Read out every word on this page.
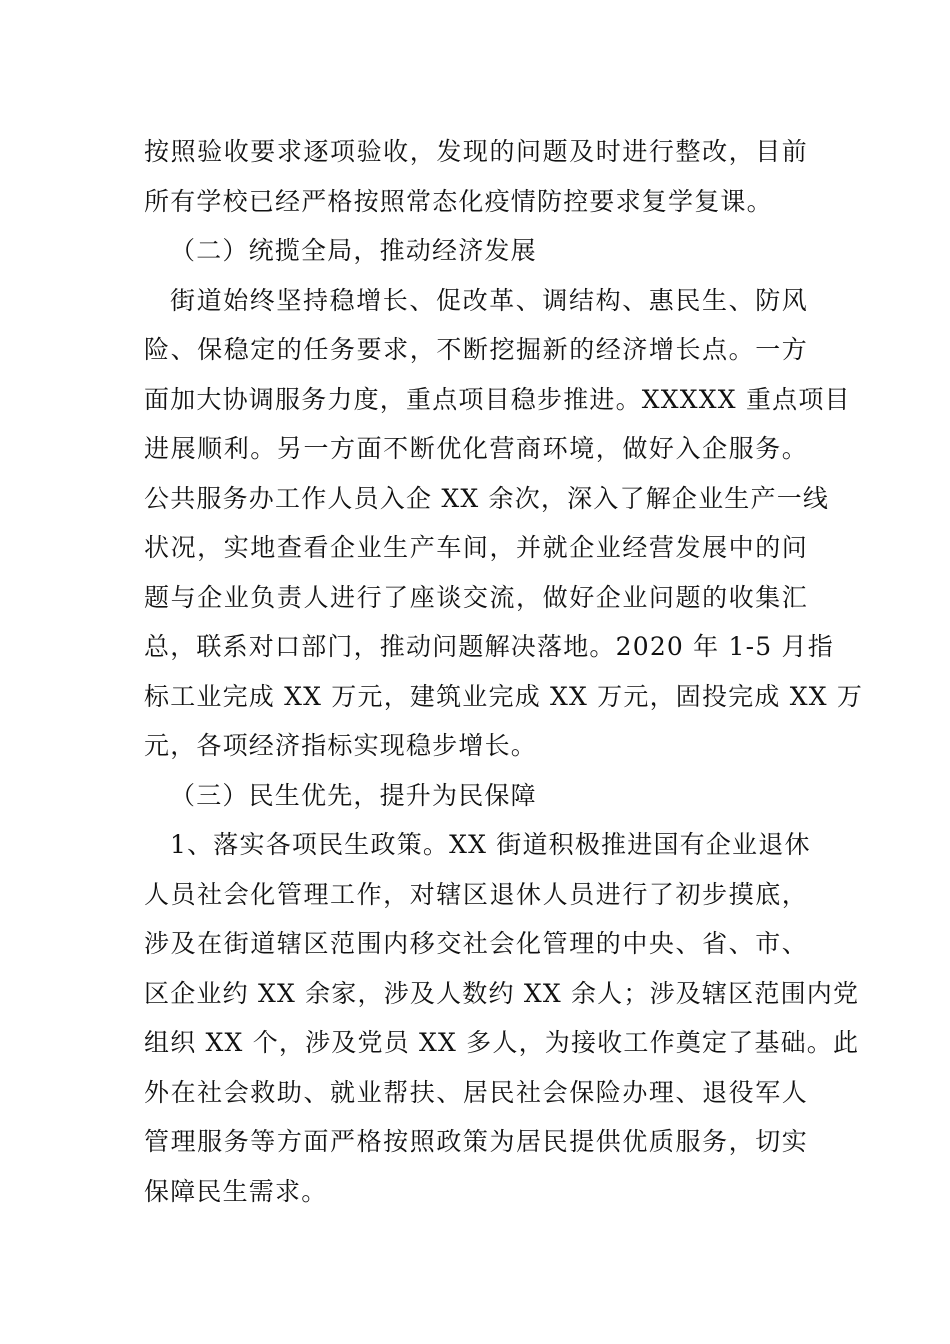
按照验收要求逐项验收，发现的问题及时进行整改，目前
所有学校已经严格按照常态化疫情防控要求复学复课。
（二）统揽全局，推动经济发展
街道始终坚持稳增长、促改革、调结构、惠民生、防风
险、保稳定的任务要求，不断挖掘新的经济增长点。一方
面加大协调服务力度，重点项目稳步推进。XXXXX 重点项目
进展顺利。另一方面不断优化营商环境，做好入企服务。
公共服务办工作人员入企 XX 余次，深入了解企业生产一线
状况，实地查看企业生产车间，并就企业经营发展中的问
题与企业负责人进行了座谈交流，做好企业问题的收集汇
总，联系对口部门，推动问题解决落地。2020 年 1-5 月指
标工业完成 XX 万元，建筑业完成 XX 万元，固投完成 XX 万
元，各项经济指标实现稳步增长。
（三）民生优先，提升为民保障
1、落实各项民生政策。XX 街道积极推进国有企业退休
人员社会化管理工作，对辖区退休人员进行了初步摸底，
涉及在街道辖区范围内移交社会化管理的中央、省、市、
区企业约 XX 余家，涉及人数约 XX 余人；涉及辖区范围内党
组织 XX 个，涉及党员 XX 多人，为接收工作奠定了基础。此
外在社会救助、就业帮扶、居民社会保险办理、退役军人
管理服务等方面严格按照政策为居民提供优质服务，切实
保障民生需求。
